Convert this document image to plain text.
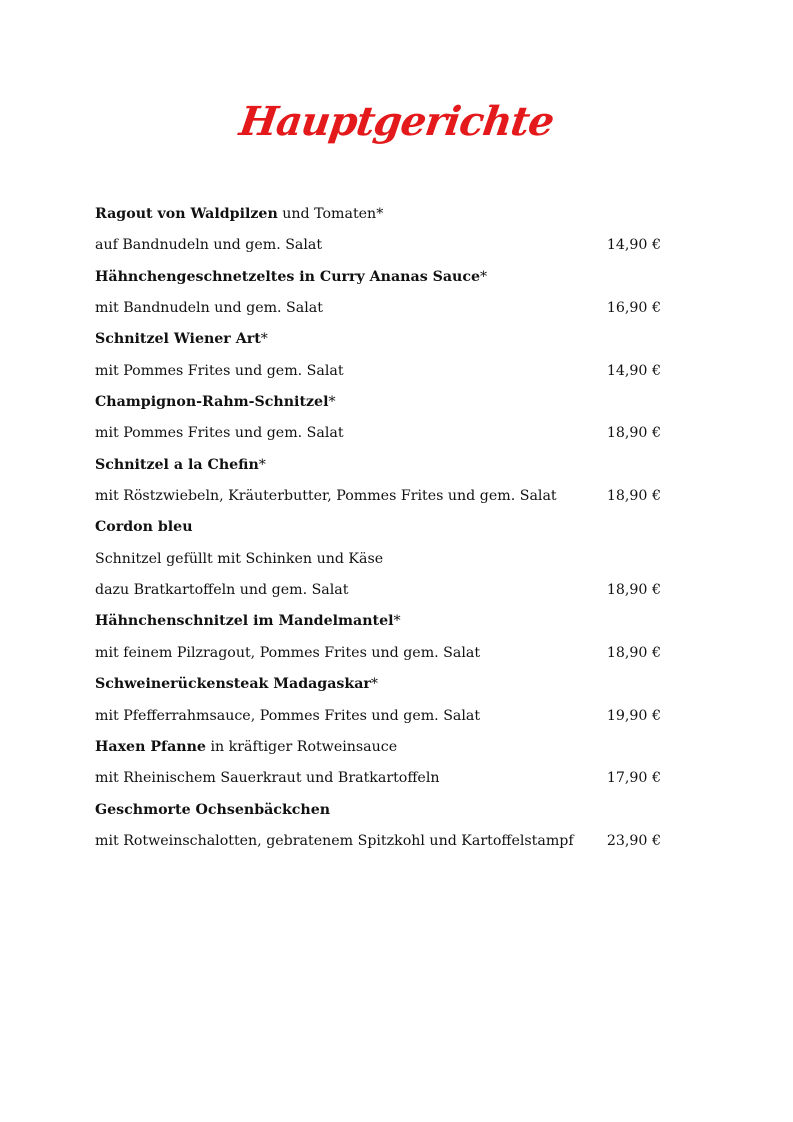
Hauptgerichte
Ragout von Waldpilzen und Tomaten*
auf Bandnudeln und gem. Salat	14,90 €
Hähnchengeschnetzeltes in Curry Ananas Sauce*
mit Bandnudeln und gem. Salat	16,90 €
Schnitzel Wiener Art*
mit Pommes Frites und gem. Salat	14,90 €
Champignon-Rahm-Schnitzel*
mit Pommes Frites und gem. Salat	18,90 €
Schnitzel a la Chefin*
mit Röstzwiebeln, Kräuterbutter, Pommes Frites und gem. Salat	18,90 €
Cordon bleu
Schnitzel gefüllt mit Schinken und Käse
dazu Bratkartoffeln und gem. Salat	18,90 €
Hähnchenschnitzel im Mandelmantel*
mit feinem Pilzragout, Pommes Frites und gem. Salat	18,90 €
Schweinerückensteak Madagaskar*
mit Pfefferrahmsauce, Pommes Frites und gem. Salat	19,90 €
Haxen Pfanne in kräftiger Rotweinsauce
mit Rheinischem Sauerkraut und Bratkartoffeln	17,90 €
Geschmorte Ochsenbäckchen
mit Rotweinschalotten, gebratenem Spitzkohl und Kartoffelstampf 23,90 €
